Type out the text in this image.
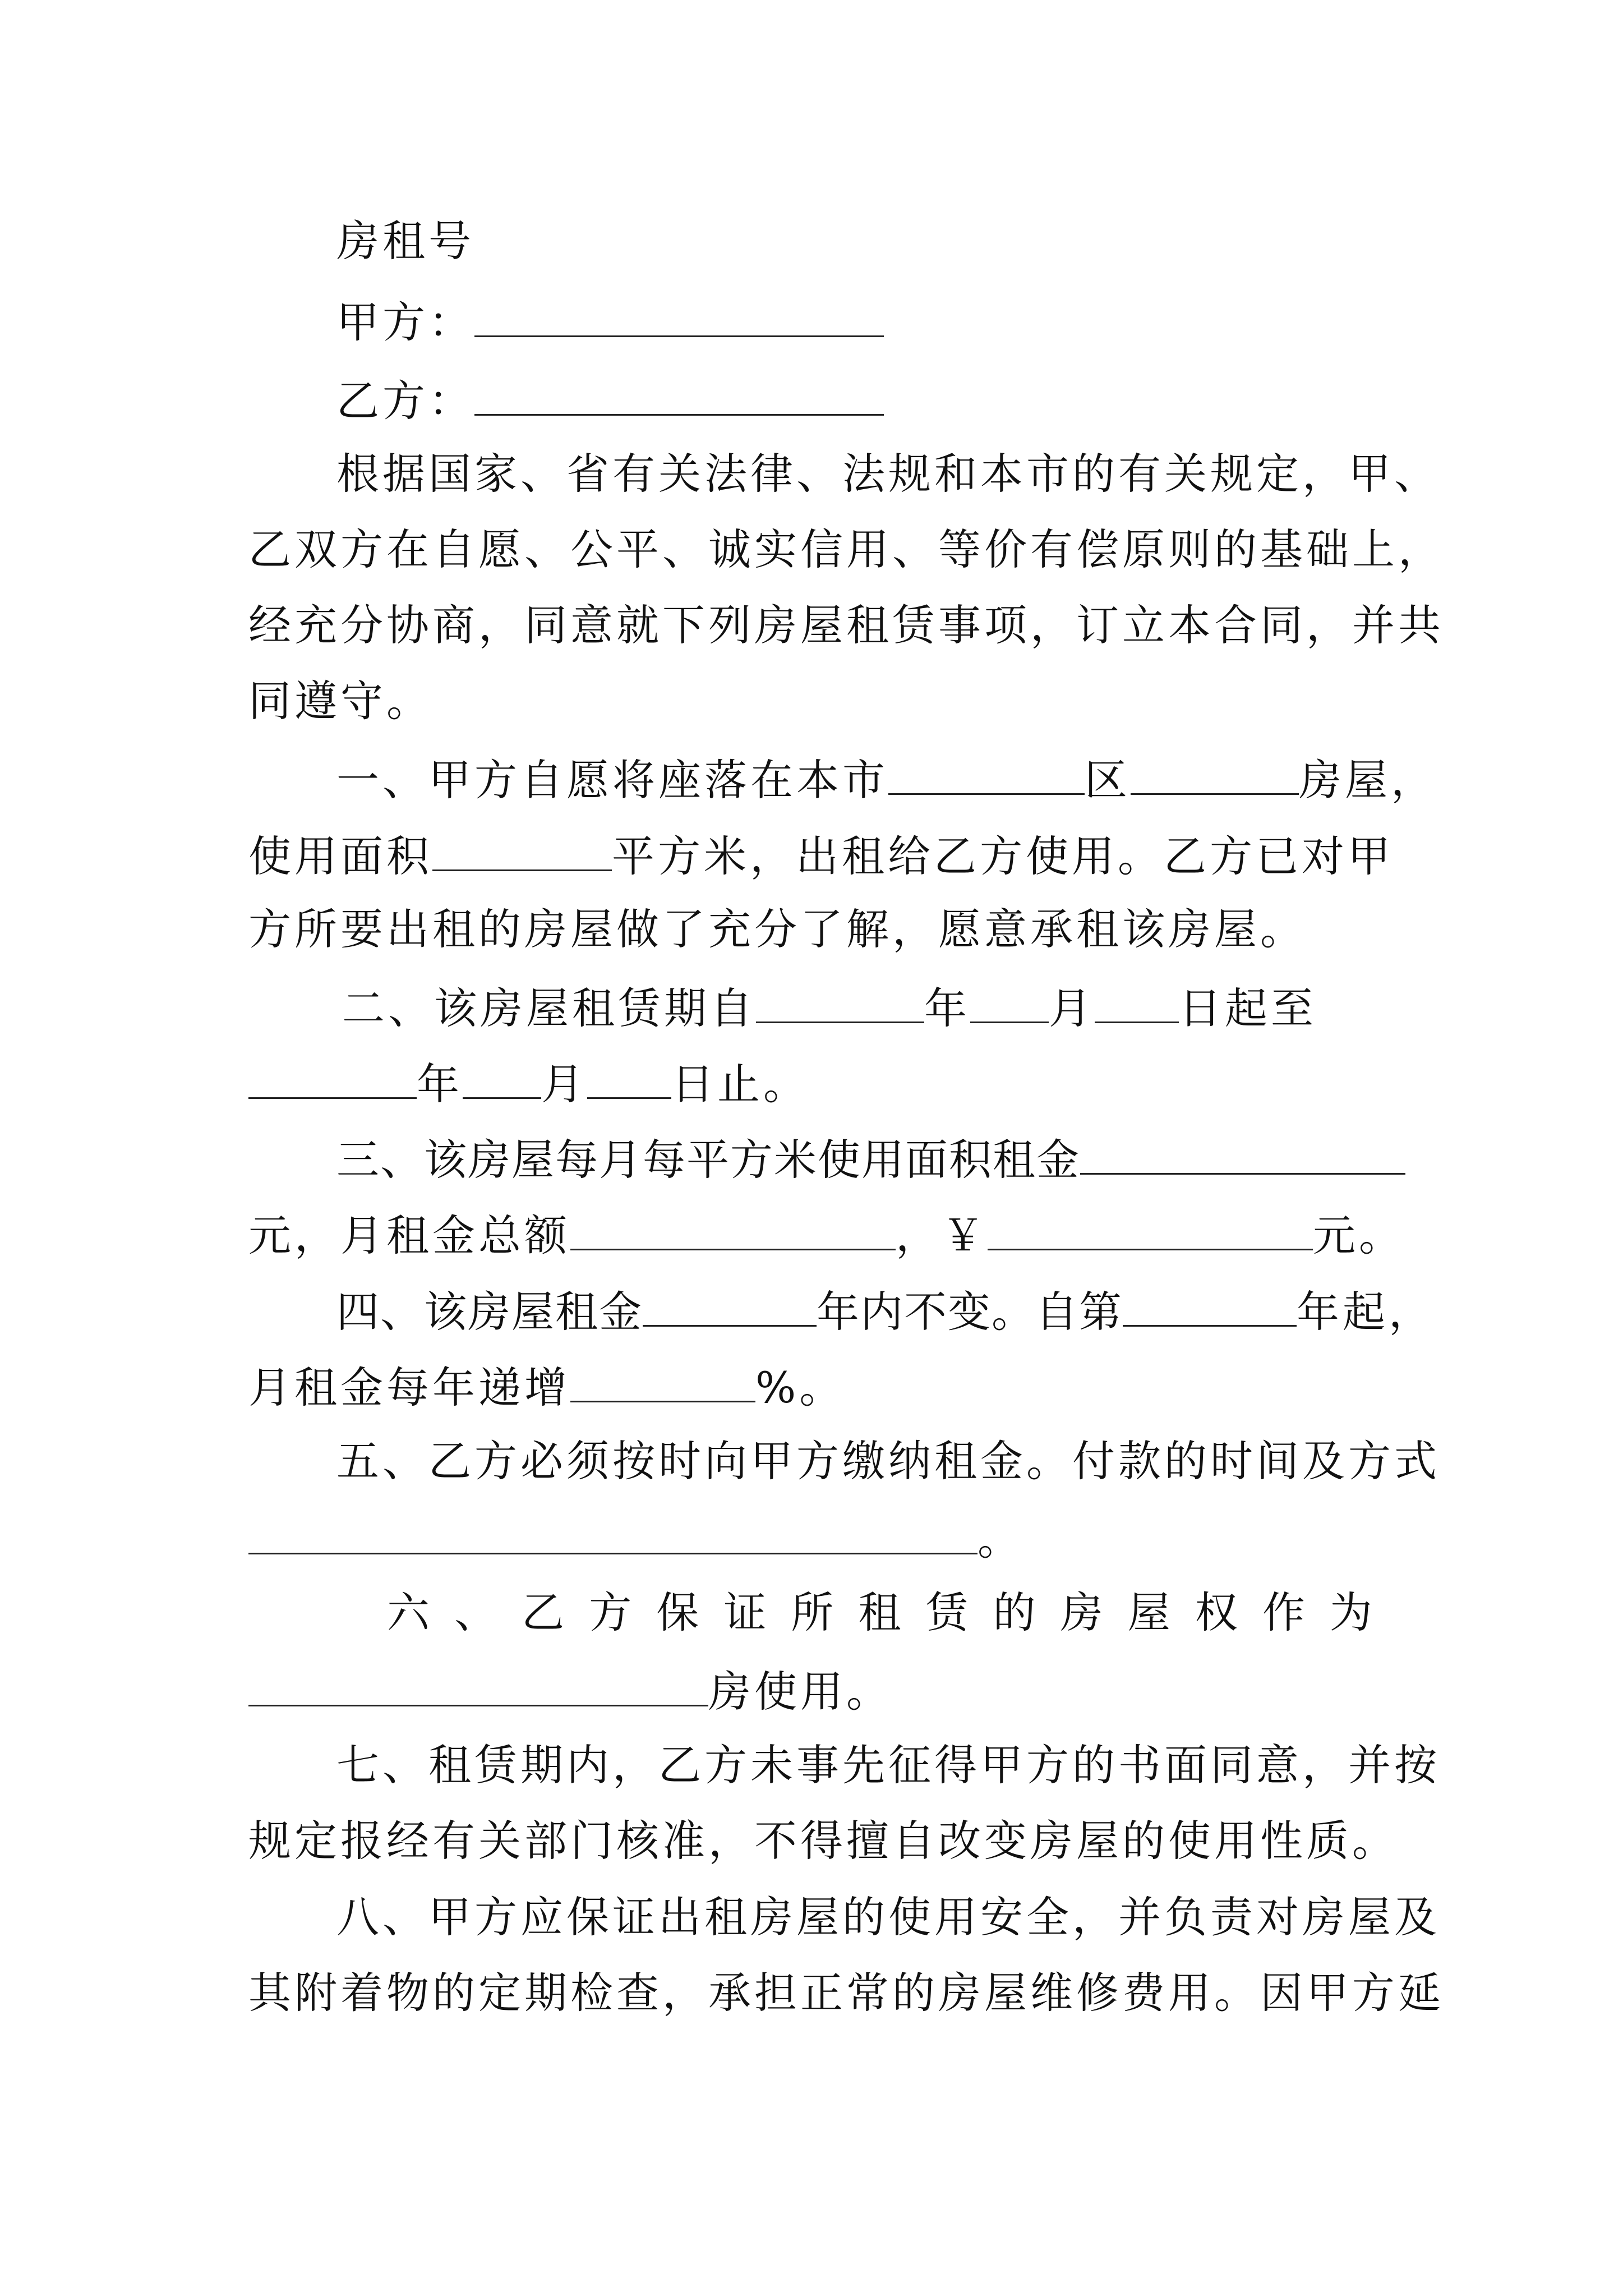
房租号
甲方：
乙方：
根据国家、省有关法律、法规和本市的有关规定，甲、
乙双方在自愿、公平、诚实信用、等价有偿原则的基础上，
经充分协商，同意就下列房屋租赁事项，订立本合同，并共
同遵守。
一、甲方自愿将座落在本市	区	房屋，
使用面积	平方米，出租给乙方使用。乙方已对甲
方所要出租的房屋做了充分了解，愿意承租该房屋。
二、该房屋租赁期自	年 月 日起至
年 月 日止。
三、该房屋每月每平方米使用面积租金
元，月租金总额	，￥	元。
四、该房屋租金	年内不变。自第	年起，
月租金每年递增	%。
五、乙方必须按时向甲方缴纳租金。付款的时间及方式
。
六 、 乙 方 保 证 所 租 赁 的 房 屋 权 作 为
房使用。
七、租赁期内，乙方未事先征得甲方的书面同意，并按
规定报经有关部门核准，不得擅自改变房屋的使用性质。
八、甲方应保证出租房屋的使用安全，并负责对房屋及
其附着物的定期检查，承担正常的房屋维修费用。因甲方延
